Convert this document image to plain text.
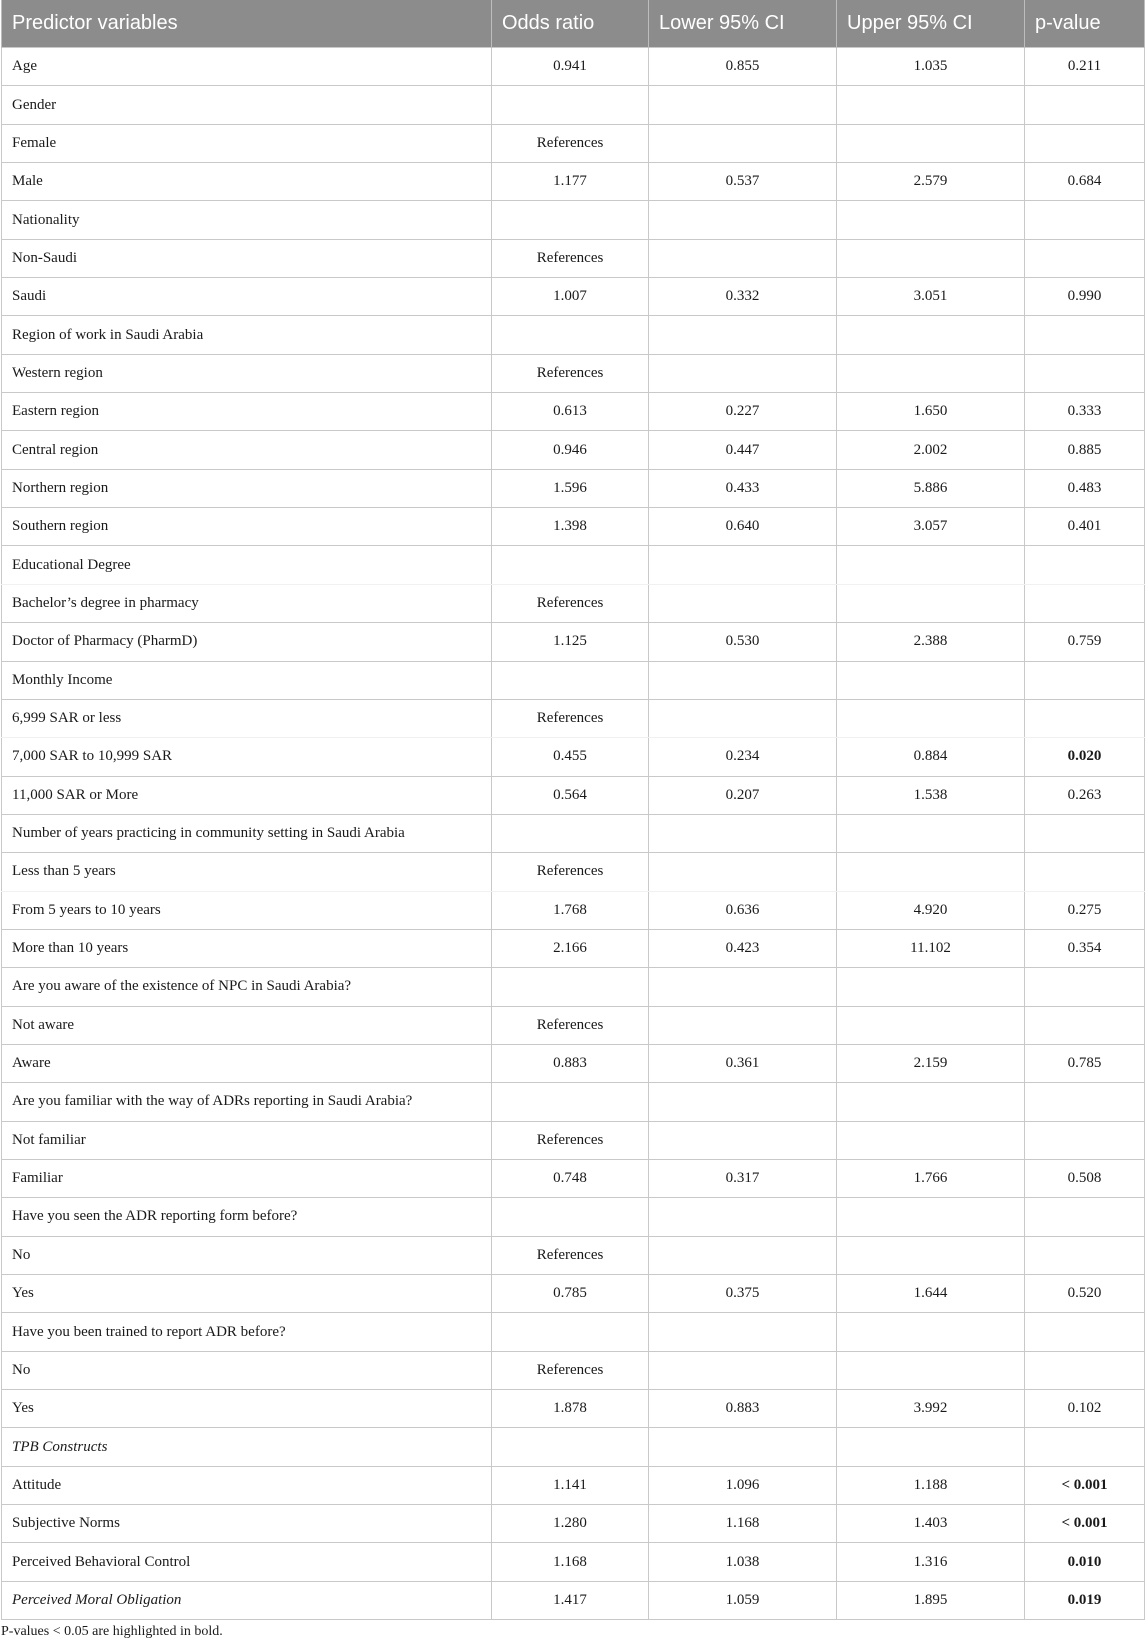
Predictor variables	Odds ratio	Lower 95% CI	Upper 95% CI	p-value
Age	0.941	0.855	1.035	0.211
Gender				
Female	References			
Male	1.177	0.537	2.579	0.684
Nationality				
Non-Saudi	References			
Saudi	1.007	0.332	3.051	0.990
Region of work in Saudi Arabia				
Western region	References			
Eastern region	0.613	0.227	1.650	0.333
Central region	0.946	0.447	2.002	0.885
Northern region	1.596	0.433	5.886	0.483
Southern region	1.398	0.640	3.057	0.401
Educational Degree				
Bachelor’s degree in pharmacy	References			
Doctor of Pharmacy (PharmD)	1.125	0.530	2.388	0.759
Monthly Income				
6,999 SAR or less	References			
7,000 SAR to 10,999 SAR	0.455	0.234	0.884	0.020
11,000 SAR or More	0.564	0.207	1.538	0.263
Number of years practicing in community setting in Saudi Arabia				
Less than 5 years	References			
From 5 years to 10 years	1.768	0.636	4.920	0.275
More than 10 years	2.166	0.423	11.102	0.354
Are you aware of the existence of NPC in Saudi Arabia?				
Not aware	References			
Aware	0.883	0.361	2.159	0.785
Are you familiar with the way of ADRs reporting in Saudi Arabia?				
Not familiar	References			
Familiar	0.748	0.317	1.766	0.508
Have you seen the ADR reporting form before?				
No	References			
Yes	0.785	0.375	1.644	0.520
Have you been trained to report ADR before?				
No	References			
Yes	1.878	0.883	3.992	0.102
TPB Constructs				
Attitude	1.141	1.096	1.188	< 0.001
Subjective Norms	1.280	1.168	1.403	< 0.001
Perceived Behavioral Control	1.168	1.038	1.316	0.010
Perceived Moral Obligation	1.417	1.059	1.895	0.019
P-values < 0.05 are highlighted in bold.
